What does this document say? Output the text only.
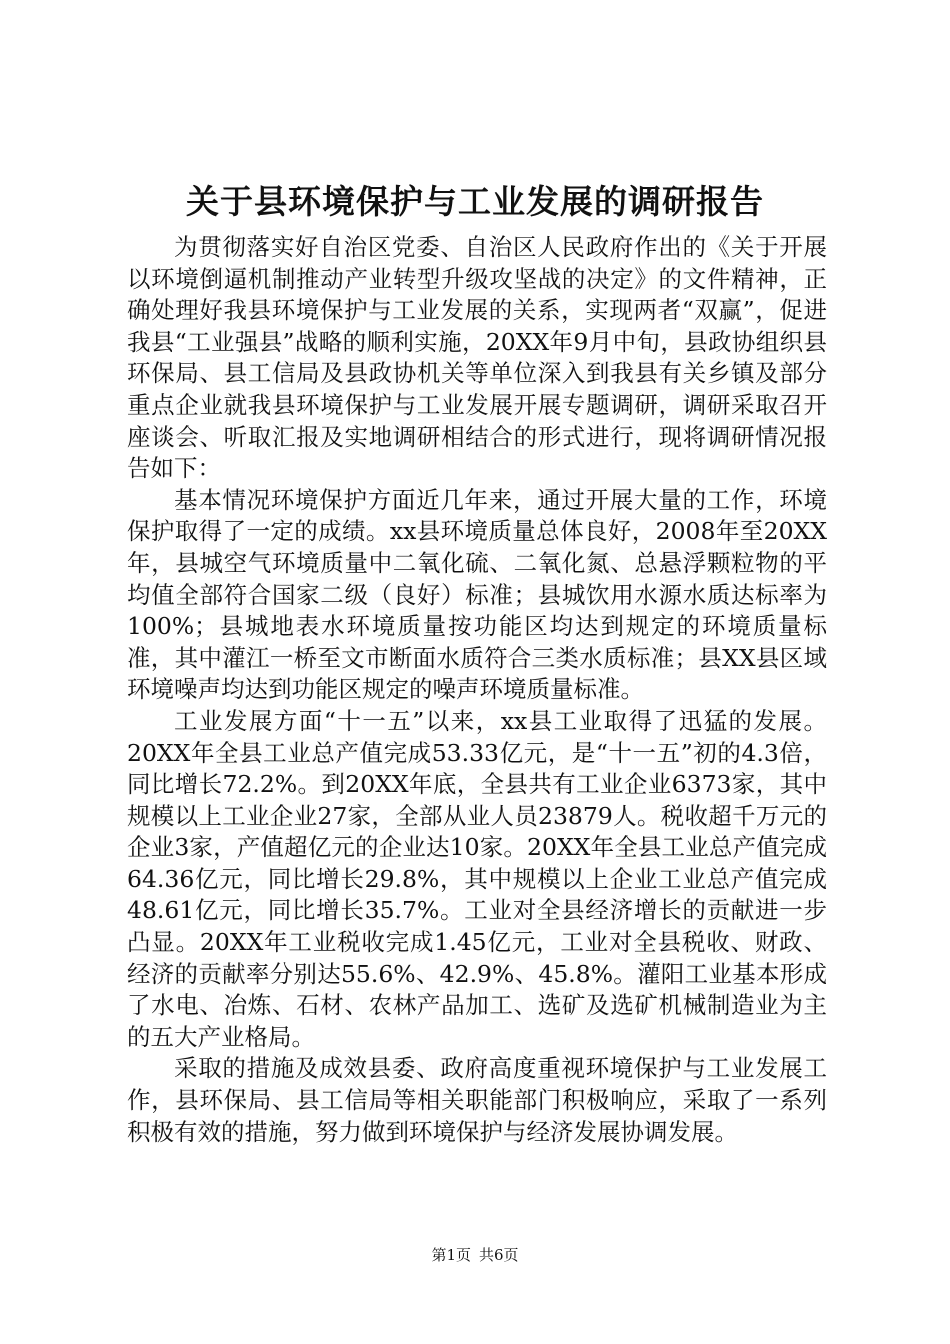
关于县环境保护与工业发展的调研报告

为贯彻落实好自治区党委、自治区人民政府作出的《关于开展以环境倒逼机制推动产业转型升级攻坚战的决定》的文件精神，正确处理好我县环境保护与工业发展的关系，实现两者“双赢”，促进我县“工业强县”战略的顺利实施，20XX年9月中旬，县政协组织县环保局、县工信局及县政协机关等单位深入到我县有关乡镇及部分重点企业就我县环境保护与工业发展开展专题调研，调研采取召开座谈会、听取汇报及实地调研相结合的形式进行，现将调研情况报告如下：

基本情况环境保护方面近几年来，通过开展大量的工作，环境保护取得了一定的成绩。xx县环境质量总体良好，2008年至20XX年，县城空气环境质量中二氧化硫、二氧化氮、总悬浮颗粒物的平均值全部符合国家二级（良好）标准；县城饮用水源水质达标率为100%；县城地表水环境质量按功能区均达到规定的环境质量标准，其中灌江一桥至文市断面水质符合三类水质标准；县XX县区域环境噪声均达到功能区规定的噪声环境质量标准。

工业发展方面“十一五”以来，xx县工业取得了迅猛的发展。20XX年全县工业总产值完成53.33亿元，是“十一五”初的4.3倍，同比增长72.2%。到20XX年底，全县共有工业企业6373家，其中规模以上工业企业27家，全部从业人员23879人。税收超千万元的企业3家，产值超亿元的企业达10家。20XX年全县工业总产值完成64.36亿元，同比增长29.8%，其中规模以上企业工业总产值完成48.61亿元，同比增长35.7%。工业对全县经济增长的贡献进一步凸显。20XX年工业税收完成1.45亿元，工业对全县税收、财政、经济的贡献率分别达55.6%、42.9%、45.8%。灌阳工业基本形成了水电、冶炼、石材、农林产品加工、选矿及选矿机械制造业为主的五大产业格局。

采取的措施及成效县委、政府高度重视环境保护与工业发展工作，县环保局、县工信局等相关职能部门积极响应，采取了一系列积极有效的措施，努力做到环境保护与经济发展协调发展。

第1页 共6页
